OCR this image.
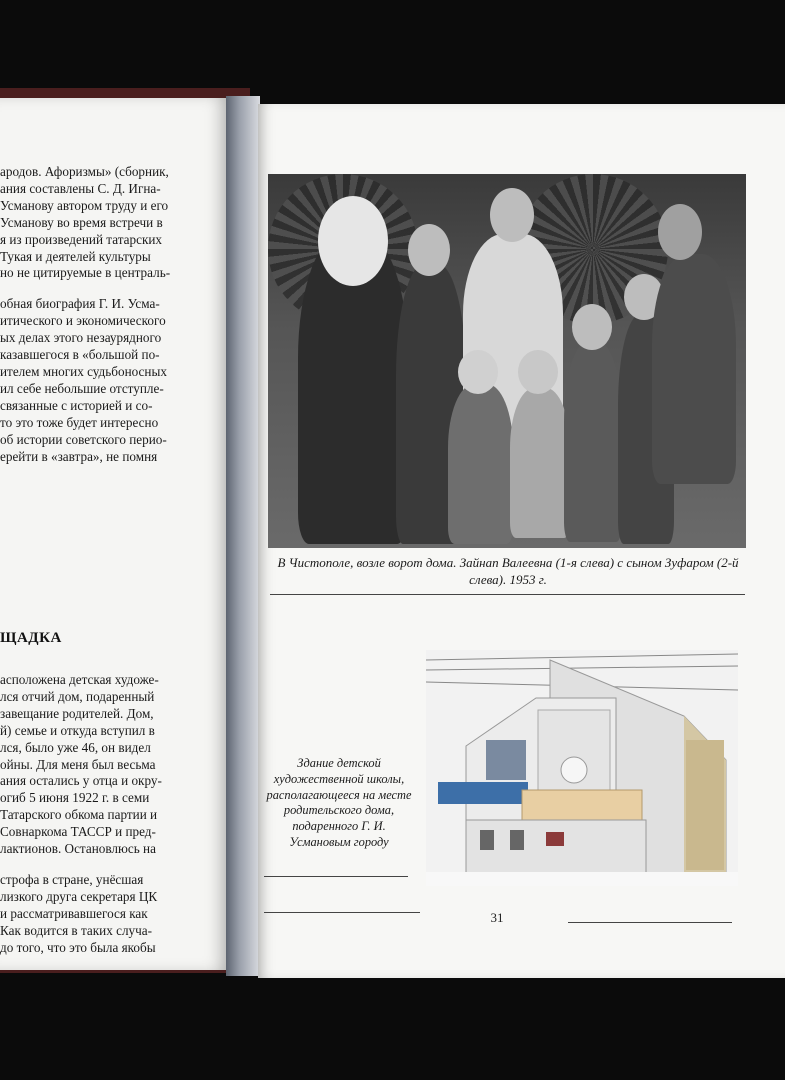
ародов. Афоризмы» (сборник,
ания составлены С. Д. Игна-
Усманову автором труду и его
Усманову во время встречи в
я из произведений татарских
Тукая и деятелей культуры
но не цитируемые в централь-
обная биография Г. И. Усма-
итического и экономического
ых делах этого незаурядного
казавшегося в «большой по-
ителем многих судьбоносных
ил себе небольшие отступле-
связанные с историей и со-
то это тоже будет интересно
об истории советского перио-
ерейти в «завтра», не помня
ЩАДКА
асположена детская художе-
лся отчий дом, подаренный
завещание родителей. Дом,
й) семье и откуда вступил в
лся, было уже 46, он видел
ойны. Для меня был весьма
ания остались у отца и окру-
огиб 5 июня 1922 г. в семи
Татарского обкома партии и
Совнаркома ТАССР и пред-
лактионов. Остановлюсь на
строфа в стране, унёсшая
лизкого друга секретаря ЦК
и рассматривавшегося как
Как водится в таких случа-
до того, что это была якобы
В Чистополе, возле ворот дома. Зайнап Валеевна (1-я слева) с сыном Зуфаром (2-й слева). 1953 г.
Здание детской художественной школы, располагающееся на месте родительского дома, подаренного Г. И. Усмановым городу
31
